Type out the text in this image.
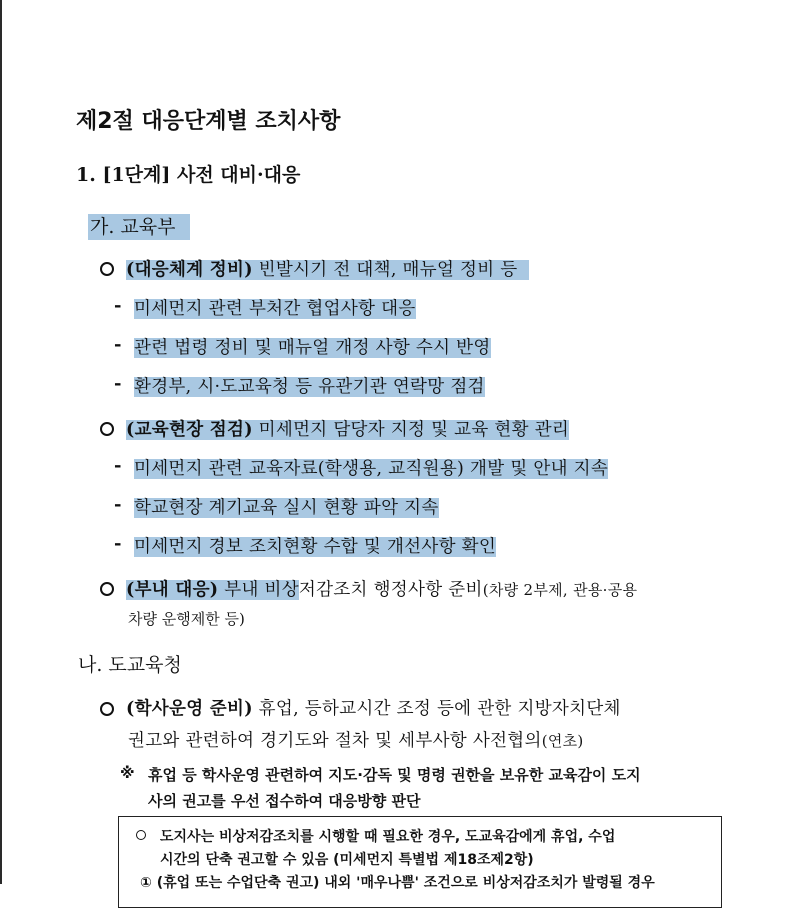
제2절 대응단계별 조치사항
1. [1단계] 사전 대비·대응
가. 교육부
(대응체계 정비) 빈발시기 전 대책, 매뉴얼 정비 등
- 미세먼지 관련 부처간 협업사항 대응
- 관련 법령 정비 및 매뉴얼 개정 사항 수시 반영
- 환경부, 시·도교육청 등 유관기관 연락망 점검
(교육현장 점검) 미세먼지 담당자 지정 및 교육 현황 관리
- 미세먼지 관련 교육자료(학생용, 교직원용) 개발 및 안내 지속
- 학교현장 계기교육 실시 현황 파악 지속
- 미세먼지 경보 조치현황 수합 및 개선사항 확인
(부내 대응) 부내 비상저감조치 행정사항 준비(차량 2부제, 관용·공용
차량 운행제한 등)
나. 도교육청
(학사운영 준비) 휴업, 등하교시간 조정 등에 관한 지방자치단체
권고와 관련하여 경기도와 절차 및 세부사항 사전협의(연초)
※ 휴업 등 학사운영 관련하여 지도·감독 및 명령 권한을 보유한 교육감이 도지
사의 권고를 우선 접수하여 대응방향 판단
도지사는 비상저감조치를 시행할 때 필요한 경우, 도교육감에게 휴업, 수업
시간의 단축 권고할 수 있음 (미세먼지 특별법 제18조제2항)
① (휴업 또는 수업단축 권고) 내외 '매우나쁨' 조건으로 비상저감조치가 발령될 경우
